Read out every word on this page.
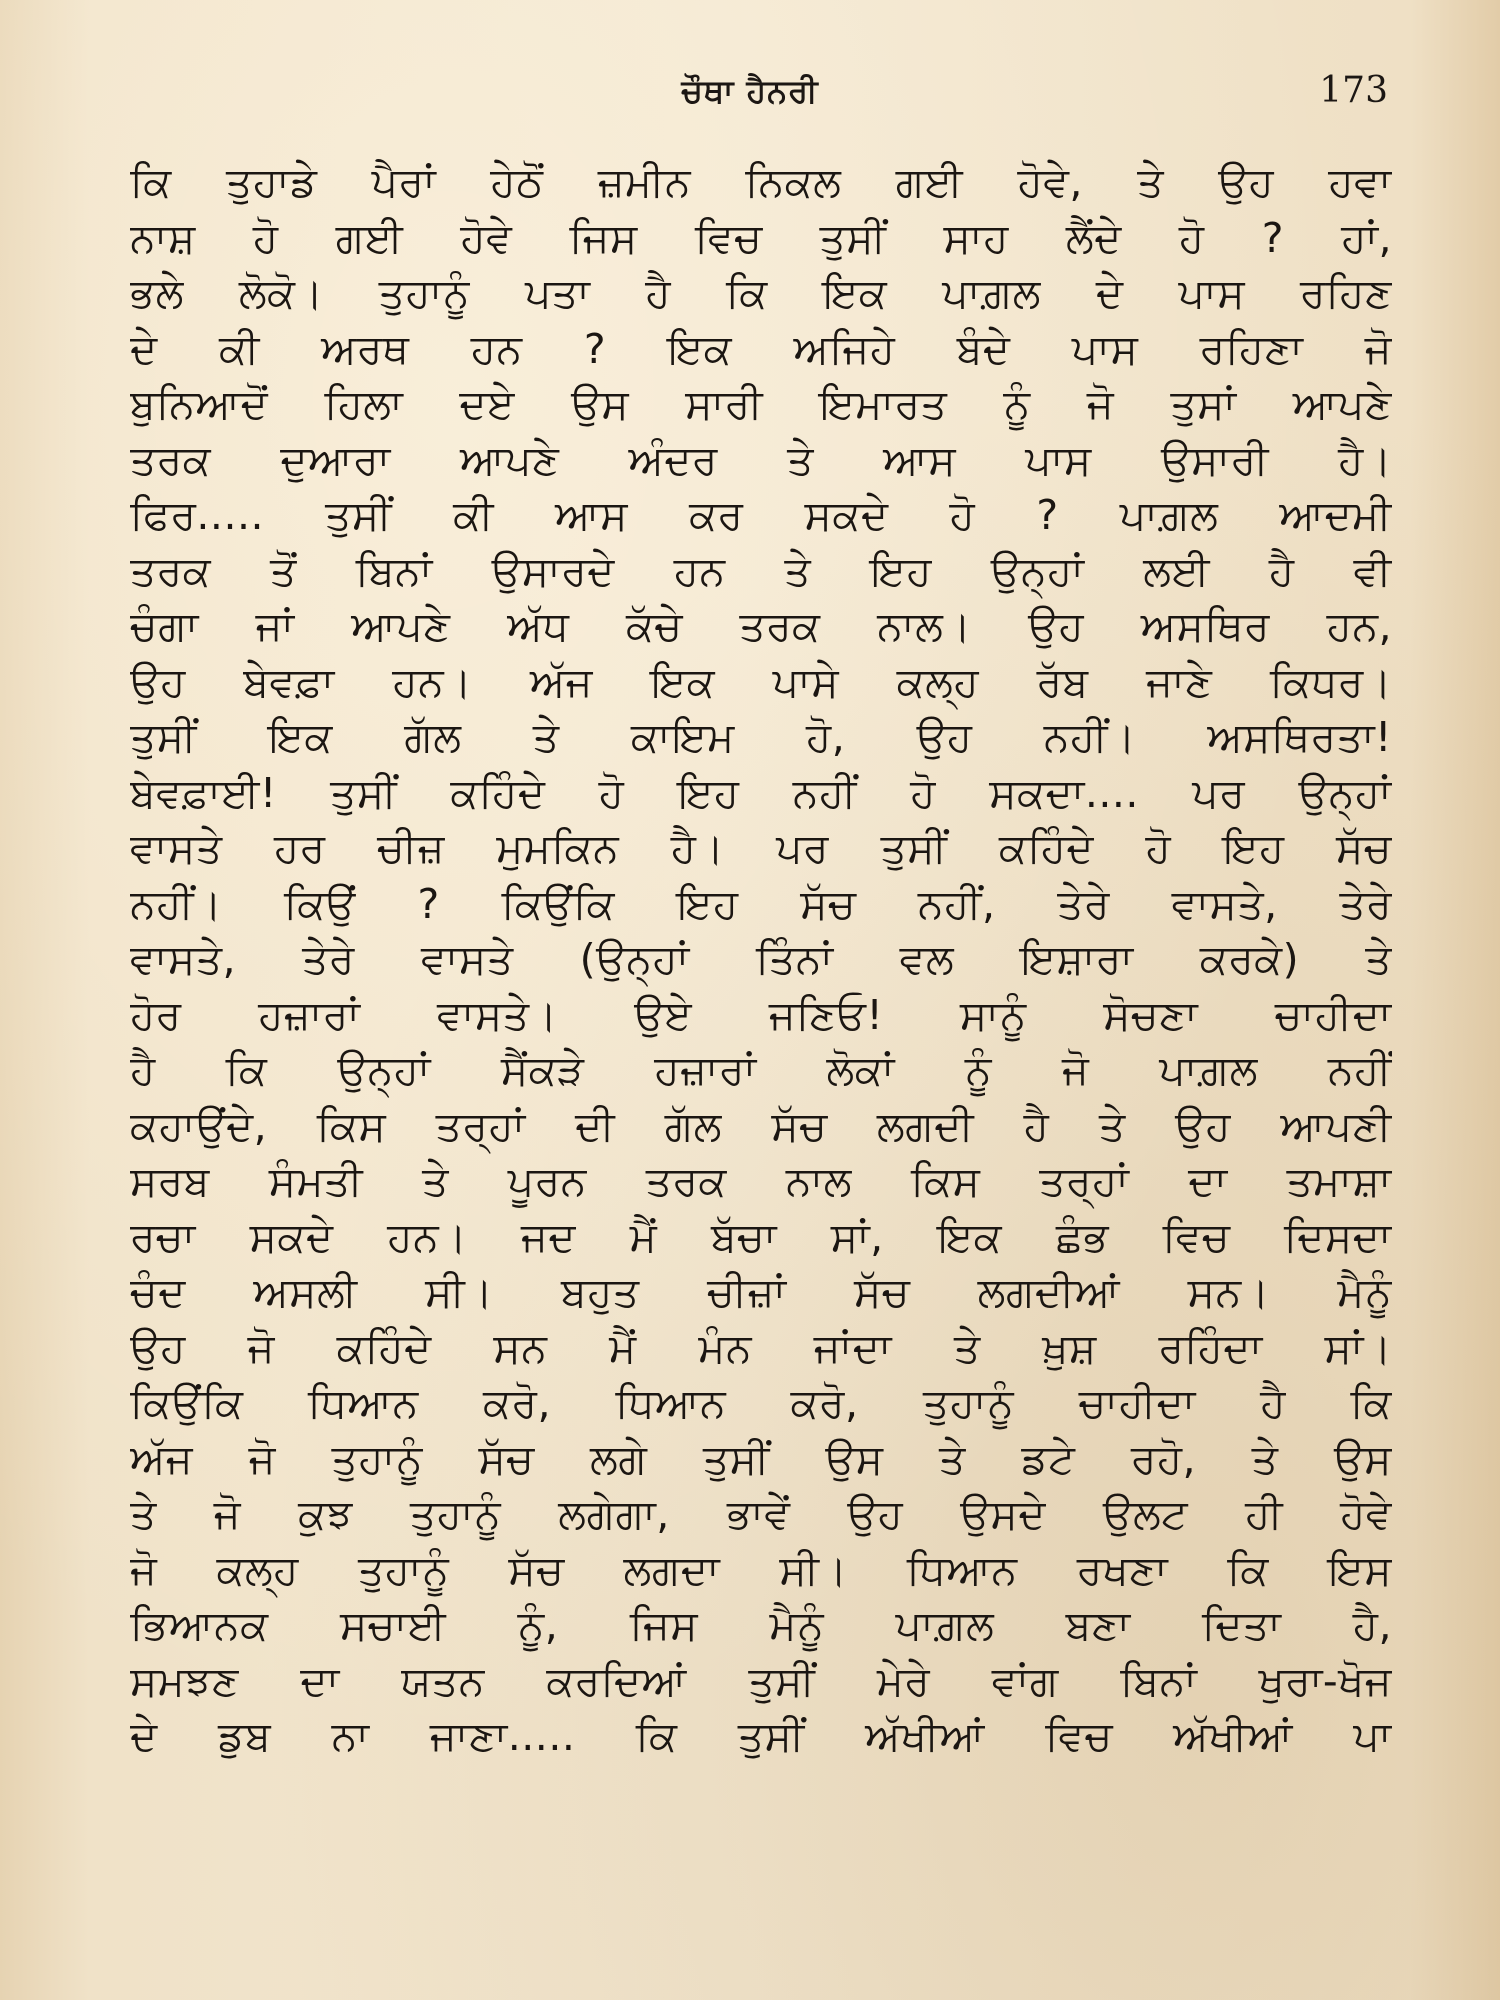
ਚੌਥਾ ਹੈਨਰੀ	173
ਕਿ ਤੁਹਾਡੇ ਪੈਰਾਂ ਹੇਠੋਂ ਜ਼ਮੀਨ ਨਿਕਲ ਗਈ ਹੋਵੇ, ਤੇ ਉਹ ਹਵਾ
ਨਾਸ਼ ਹੋ ਗਈ ਹੋਵੇ ਜਿਸ ਵਿਚ ਤੁਸੀਂ ਸਾਹ ਲੈਂਦੇ ਹੋ ? ਹਾਂ,
ਭਲੇ ਲੋਕੋ। ਤੁਹਾਨੂੰ ਪਤਾ ਹੈ ਕਿ ਇਕ ਪਾਗ਼ਲ ਦੇ ਪਾਸ ਰਹਿਣ
ਦੇ ਕੀ ਅਰਥ ਹਨ ? ਇਕ ਅਜਿਹੇ ਬੰਦੇ ਪਾਸ ਰਹਿਣਾ ਜੋ
ਬੁਨਿਆਦੋਂ ਹਿਲਾ ਦਏ ਉਸ ਸਾਰੀ ਇਮਾਰਤ ਨੂੰ ਜੋ ਤੁਸਾਂ ਆਪਣੇ
ਤਰਕ ਦੁਆਰਾ ਆਪਣੇ ਅੰਦਰ ਤੇ ਆਸ ਪਾਸ ਉਸਾਰੀ ਹੈ।
ਫਿਰ..... ਤੁਸੀਂ ਕੀ ਆਸ ਕਰ ਸਕਦੇ ਹੋ ? ਪਾਗ਼ਲ ਆਦਮੀ
ਤਰਕ ਤੋਂ ਬਿਨਾਂ ਉਸਾਰਦੇ ਹਨ ਤੇ ਇਹ ਉਨ੍ਹਾਂ ਲਈ ਹੈ ਵੀ
ਚੰਗਾ ਜਾਂ ਆਪਣੇ ਅੱਧ ਕੱਚੇ ਤਰਕ ਨਾਲ। ਉਹ ਅਸਥਿਰ ਹਨ,
ਉਹ ਬੇਵਫ਼ਾ ਹਨ। ਅੱਜ ਇਕ ਪਾਸੇ ਕਲ੍ਹ ਰੱਬ ਜਾਣੇ ਕਿਧਰ।
ਤੁਸੀਂ ਇਕ ਗੱਲ ਤੇ ਕਾਇਮ ਹੋ, ਉਹ ਨਹੀਂ। ਅਸਥਿਰਤਾ!
ਬੇਵਫ਼ਾਈ! ਤੁਸੀਂ ਕਹਿੰਦੇ ਹੋ ਇਹ ਨਹੀਂ ਹੋ ਸਕਦਾ.... ਪਰ ਉਨ੍ਹਾਂ
ਵਾਸਤੇ ਹਰ ਚੀਜ਼ ਮੁਮਕਿਨ ਹੈ। ਪਰ ਤੁਸੀਂ ਕਹਿੰਦੇ ਹੋ ਇਹ ਸੱਚ
ਨਹੀਂ। ਕਿਉਂ ? ਕਿਉਂਕਿ ਇਹ ਸੱਚ ਨਹੀਂ, ਤੇਰੇ ਵਾਸਤੇ, ਤੇਰੇ
ਵਾਸਤੇ, ਤੇਰੇ ਵਾਸਤੇ (ਉਨ੍ਹਾਂ ਤਿੰਨਾਂ ਵਲ ਇਸ਼ਾਰਾ ਕਰਕੇ) ਤੇ
ਹੋਰ ਹਜ਼ਾਰਾਂ ਵਾਸਤੇ। ਉਏ ਜਣਿਓ! ਸਾਨੂੰ ਸੋਚਣਾ ਚਾਹੀਦਾ
ਹੈ ਕਿ ਉਨ੍ਹਾਂ ਸੈਂਕੜੇ ਹਜ਼ਾਰਾਂ ਲੋਕਾਂ ਨੂੰ ਜੋ ਪਾਗ਼ਲ ਨਹੀਂ
ਕਹਾਉਂਦੇ, ਕਿਸ ਤਰ੍ਹਾਂ ਦੀ ਗੱਲ ਸੱਚ ਲਗਦੀ ਹੈ ਤੇ ਉਹ ਆਪਣੀ
ਸਰਬ ਸੰਮਤੀ ਤੇ ਪੂਰਨ ਤਰਕ ਨਾਲ ਕਿਸ ਤਰ੍ਹਾਂ ਦਾ ਤਮਾਸ਼ਾ
ਰਚਾ ਸਕਦੇ ਹਨ। ਜਦ ਮੈਂ ਬੱਚਾ ਸਾਂ, ਇਕ ਛੰਭ ਵਿਚ ਦਿਸਦਾ
ਚੰਦ ਅਸਲੀ ਸੀ। ਬਹੁਤ ਚੀਜ਼ਾਂ ਸੱਚ ਲਗਦੀਆਂ ਸਨ। ਮੈਨੂੰ
ਉਹ ਜੋ ਕਹਿੰਦੇ ਸਨ ਮੈਂ ਮੰਨ ਜਾਂਦਾ ਤੇ ਖ਼ੁਸ਼ ਰਹਿੰਦਾ ਸਾਂ।
ਕਿਉਂਕਿ ਧਿਆਨ ਕਰੋ, ਧਿਆਨ ਕਰੋ, ਤੁਹਾਨੂੰ ਚਾਹੀਦਾ ਹੈ ਕਿ
ਅੱਜ ਜੋ ਤੁਹਾਨੂੰ ਸੱਚ ਲਗੇ ਤੁਸੀਂ ਉਸ ਤੇ ਡਟੇ ਰਹੋ, ਤੇ ਉਸ
ਤੇ ਜੋ ਕੁਝ ਤੁਹਾਨੂੰ ਲਗੇਗਾ, ਭਾਵੇਂ ਉਹ ਉਸਦੇ ਉਲਟ ਹੀ ਹੋਵੇ
ਜੋ ਕਲ੍ਹ ਤੁਹਾਨੂੰ ਸੱਚ ਲਗਦਾ ਸੀ। ਧਿਆਨ ਰਖਣਾ ਕਿ ਇਸ
ਭਿਆਨਕ ਸਚਾਈ ਨੂੰ, ਜਿਸ ਮੈਨੂੰ ਪਾਗ਼ਲ ਬਣਾ ਦਿਤਾ ਹੈ,
ਸਮਝਣ ਦਾ ਯਤਨ ਕਰਦਿਆਂ ਤੁਸੀਂ ਮੇਰੇ ਵਾਂਗ ਬਿਨਾਂ ਖੁਰਾ-ਖੋਜ
ਦੇ ਡੁਬ ਨਾ ਜਾਣਾ..... ਕਿ ਤੁਸੀਂ ਅੱਖੀਆਂ ਵਿਚ ਅੱਖੀਆਂ ਪਾ
